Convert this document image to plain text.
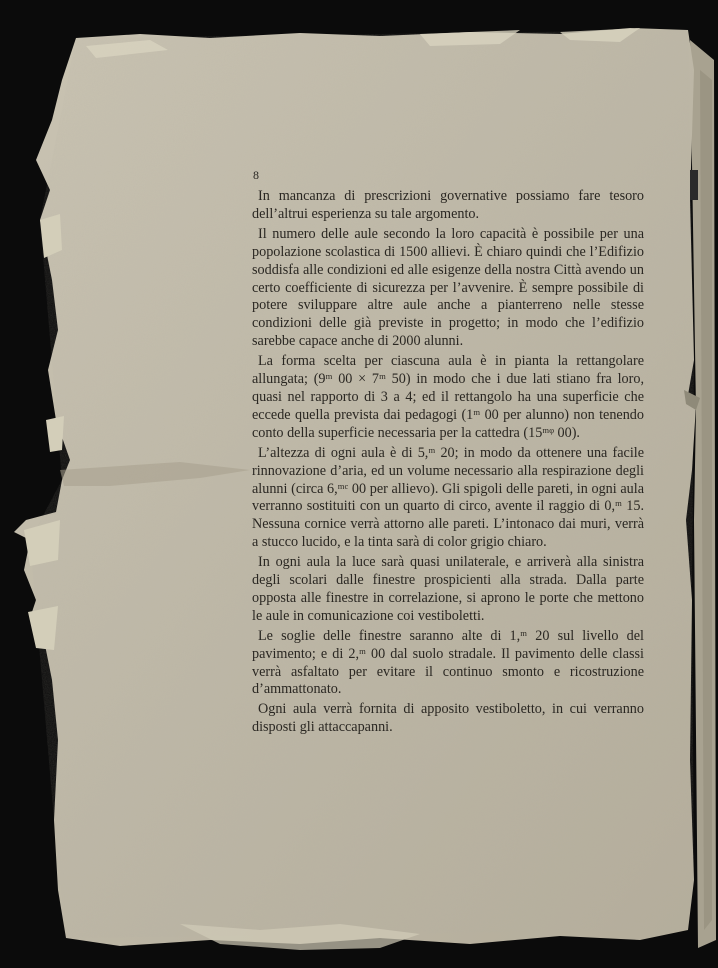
8

In mancanza di prescrizioni governative possiamo fare tesoro dell’altrui esperienza su tale argomento.

Il numero delle aule secondo la loro capacità è possibile per una popolazione scolastica di 1500 allievi. È chiaro quindi che l’Edifizio soddisfa alle condizioni ed alle esigenze della nostra Città avendo un certo coefficiente di sicurezza per l’avvenire. È sempre possibile di potere sviluppare altre aule anche a pianterreno nelle stesse condizioni delle già previste in progetto; in modo che l’edifizio sarebbe capace anche di 2000 alunni.

La forma scelta per ciascuna aula è in pianta la rettangolare allungata; (9ᵐ 00 × 7ᵐ 50) in modo che i due lati stiano fra loro, quasi nel rapporto di 3 a 4; ed il rettangolo ha una superficie che eccede quella prevista dai pedagogi (1ᵐ 00 per alunno) non tenendo conto della superficie necessaria per la cattedra (15ᵐᵠ 00).

L’altezza di ogni aula è di 5,ᵐ 20; in modo da ottenere una facile rinnovazione d’aria, ed un volume necessario alla respirazione degli alunni (circa 6,ᵐᶜ 00 per allievo). Gli spigoli delle pareti, in ogni aula verranno sostituiti con un quarto di circo, avente il raggio di 0,ᵐ 15. Nessuna cornice verrà attorno alle pareti. L’intonaco dai muri, verrà a stucco lucido, e la tinta sarà di color grigio chiaro.

In ogni aula la luce sarà quasi unilaterale, e arriverà alla sinistra degli scolari dalle finestre prospicienti alla strada. Dalla parte opposta alle finestre in correlazione, si aprono le porte che mettono le aule in comunicazione coi vestiboletti.

Le soglie delle finestre saranno alte di 1,ᵐ 20 sul livello del pavimento; e di 2,ᵐ 00 dal suolo stradale. Il pavimento delle classi verrà asfaltato per evitare il continuo smonto e ricostruzione d’ammattonato.

Ogni aula verrà fornita di apposito vestiboletto, in cui verranno disposti gli attaccapanni.
